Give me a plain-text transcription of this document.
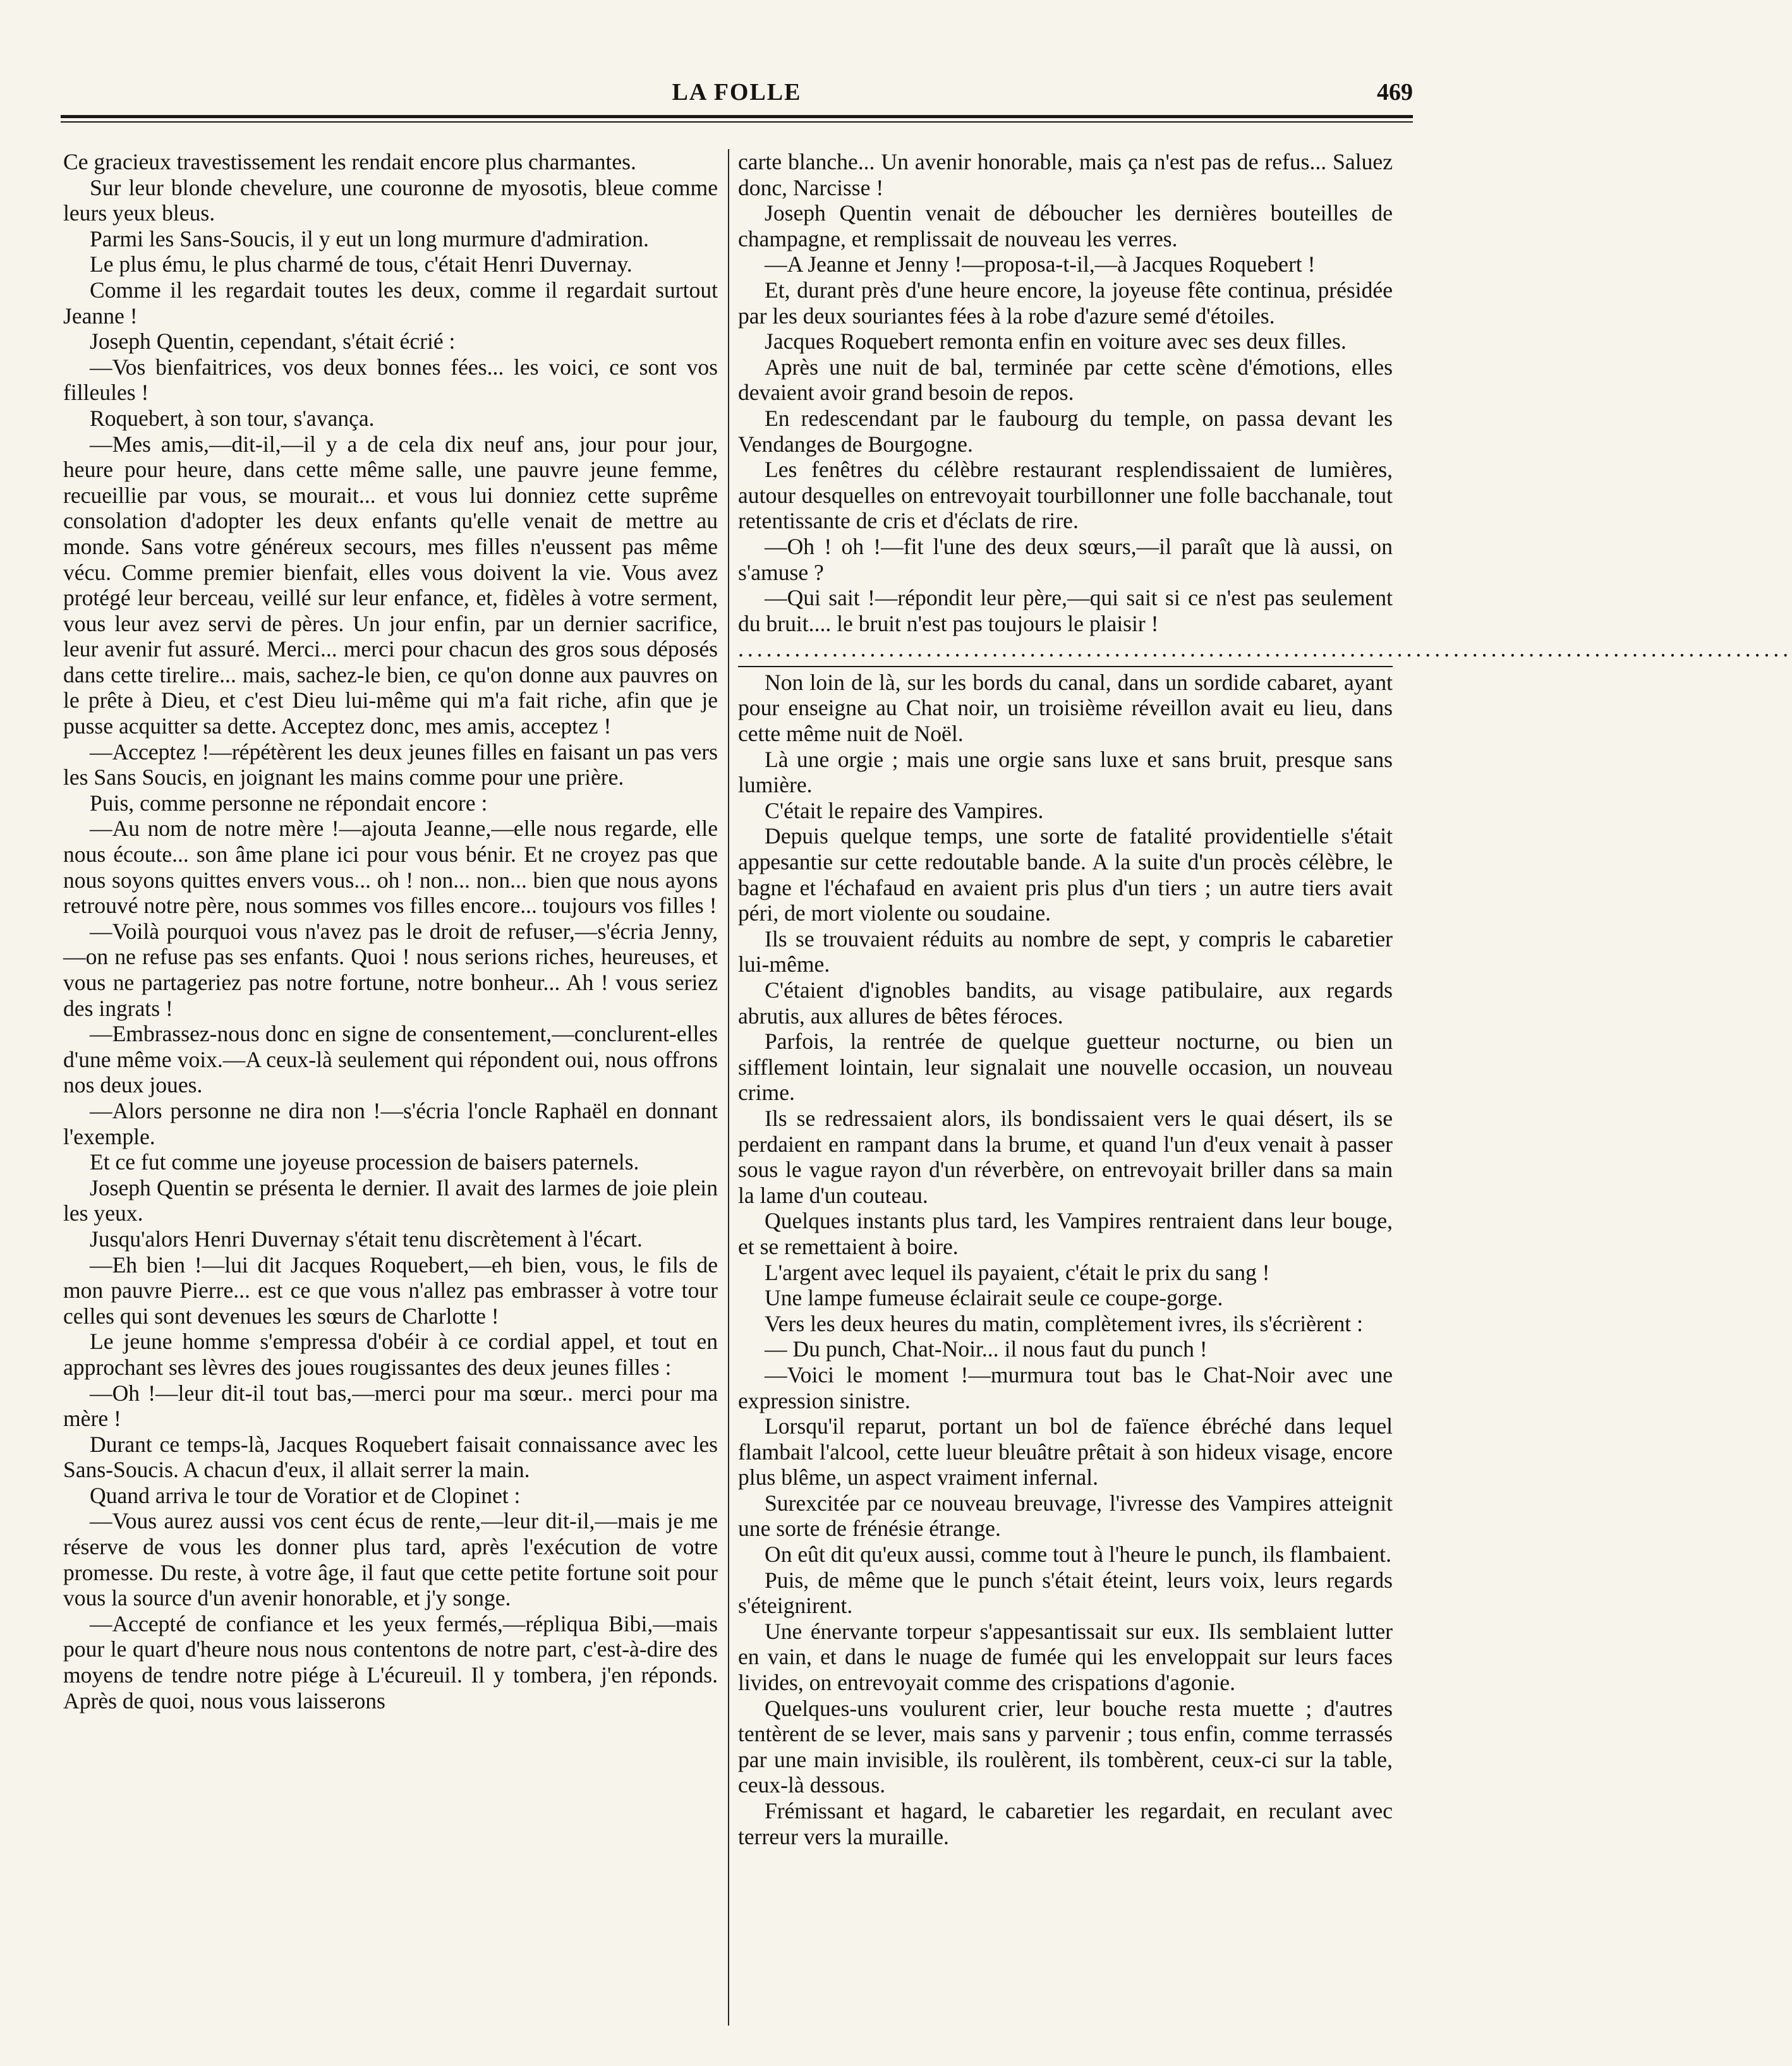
LA FOLLE	469

Ce gracieux travestissement les rendait encore plus charmantes.

Sur leur blonde chevelure, une couronne de myosotis, bleue comme leurs yeux bleus.

Parmi les Sans-Soucis, il y eut un long murmure d'admiration.

Le plus ému, le plus charmé de tous, c'était Henri Duvernay.

Comme il les regardait toutes les deux, comme il regardait surtout Jeanne !

Joseph Quentin, cependant, s'était écrié :

—Vos bienfaitrices, vos deux bonnes fées... les voici, ce sont vos filleules !

Roquebert, à son tour, s'avança.

—Mes amis,—dit-il,—il y a de cela dix neuf ans, jour pour jour, heure pour heure, dans cette même salle, une pauvre jeune femme, recueillie par vous, se mourait... et vous lui donniez cette suprême consolation d'adopter les deux enfants qu'elle venait de mettre au monde. Sans votre généreux secours, mes filles n'eussent pas même vécu. Comme premier bienfait, elles vous doivent la vie. Vous avez protégé leur berceau, veillé sur leur enfance, et, fidèles à votre serment, vous leur avez servi de pères. Un jour enfin, par un dernier sacrifice, leur avenir fut assuré. Merci... merci pour chacun des gros sous déposés dans cette tirelire... mais, sachez-le bien, ce qu'on donne aux pauvres on le prête à Dieu, et c'est Dieu lui-même qui m'a fait riche, afin que je pusse acquitter sa dette. Acceptez donc, mes amis, acceptez !

—Acceptez !—répétèrent les deux jeunes filles en faisant un pas vers les Sans Soucis, en joignant les mains comme pour une prière.

Puis, comme personne ne répondait encore :

—Au nom de notre mère !—ajouta Jeanne,—elle nous regarde, elle nous écoute... son âme plane ici pour vous bénir. Et ne croyez pas que nous soyons quittes envers vous... oh ! non... non... bien que nous ayons retrouvé notre père, nous sommes vos filles encore... toujours vos filles !

—Voilà pourquoi vous n'avez pas le droit de refuser,—s'écria Jenny,—on ne refuse pas ses enfants. Quoi ! nous serions riches, heureuses, et vous ne partageriez pas notre fortune, notre bonheur... Ah ! vous seriez des ingrats !

—Embrassez-nous donc en signe de consentement,—conclurent-elles d'une même voix.—A ceux-là seulement qui répondent oui, nous offrons nos deux joues.

—Alors personne ne dira non !—s'écria l'oncle Raphaël en donnant l'exemple.

Et ce fut comme une joyeuse procession de baisers paternels.

Joseph Quentin se présenta le dernier. Il avait des larmes de joie plein les yeux.

Jusqu'alors Henri Duvernay s'était tenu discrètement à l'écart.

—Eh bien !—lui dit Jacques Roquebert,—eh bien, vous, le fils de mon pauvre Pierre... est ce que vous n'allez pas embrasser à votre tour celles qui sont devenues les sœurs de Charlotte !

Le jeune homme s'empressa d'obéir à ce cordial appel, et tout en approchant ses lèvres des joues rougissantes des deux jeunes filles :

—Oh !—leur dit-il tout bas,—merci pour ma sœur.. merci pour ma mère !

Durant ce temps-là, Jacques Roquebert faisait connaissance avec les Sans-Soucis. A chacun d'eux, il allait serrer la main.

Quand arriva le tour de Voratior et de Clopinet :

—Vous aurez aussi vos cent écus de rente,—leur dit-il,—mais je me réserve de vous les donner plus tard, après l'exécution de votre promesse. Du reste, à votre âge, il faut que cette petite fortune soit pour vous la source d'un avenir honorable, et j'y songe.

—Accepté de confiance et les yeux fermés,—répliqua Bibi,—mais pour le quart d'heure nous nous contentons de notre part, c'est-à-dire des moyens de tendre notre piége à L'écureuil. Il y tombera, j'en réponds. Après de quoi, nous vous laisserons

carte blanche... Un avenir honorable, mais ça n'est pas de refus... Saluez donc, Narcisse !

Joseph Quentin venait de déboucher les dernières bouteilles de champagne, et remplissait de nouveau les verres.

—A Jeanne et Jenny !—proposa-t-il,—à Jacques Roquebert !

Et, durant près d'une heure encore, la joyeuse fête continua, présidée par les deux souriantes fées à la robe d'azure semé d'étoiles.

Jacques Roquebert remonta enfin en voiture avec ses deux filles.

Après une nuit de bal, terminée par cette scène d'émotions, elles devaient avoir grand besoin de repos.

En redescendant par le faubourg du temple, on passa devant les Vendanges de Bourgogne.

Les fenêtres du célèbre restaurant resplendissaient de lumières, autour desquelles on entrevoyait tourbillonner une folle bacchanale, tout retentissante de cris et d'éclats de rire.

—Oh ! oh !—fit l'une des deux sœurs,—il paraît que là aussi, on s'amuse ?

—Qui sait !—répondit leur père,—qui sait si ce n'est pas seulement du bruit.... le bruit n'est pas toujours le plaisir !

................................................................................................................

Non loin de là, sur les bords du canal, dans un sordide cabaret, ayant pour enseigne au Chat noir, un troisième réveillon avait eu lieu, dans cette même nuit de Noël.

Là une orgie ; mais une orgie sans luxe et sans bruit, presque sans lumière.

C'était le repaire des Vampires.

Depuis quelque temps, une sorte de fatalité providentielle s'était appesantie sur cette redoutable bande. A la suite d'un procès célèbre, le bagne et l'échafaud en avaient pris plus d'un tiers ; un autre tiers avait péri, de mort violente ou soudaine.

Ils se trouvaient réduits au nombre de sept, y compris le cabaretier lui-même.

C'étaient d'ignobles bandits, au visage patibulaire, aux regards abrutis, aux allures de bêtes féroces.

Parfois, la rentrée de quelque guetteur nocturne, ou bien un sifflement lointain, leur signalait une nouvelle occasion, un nouveau crime.

Ils se redressaient alors, ils bondissaient vers le quai désert, ils se perdaient en rampant dans la brume, et quand l'un d'eux venait à passer sous le vague rayon d'un réverbère, on entrevoyait briller dans sa main la lame d'un couteau.

Quelques instants plus tard, les Vampires rentraient dans leur bouge, et se remettaient à boire.

L'argent avec lequel ils payaient, c'était le prix du sang !

Une lampe fumeuse éclairait seule ce coupe-gorge.

Vers les deux heures du matin, complètement ivres, ils s'écrièrent :

— Du punch, Chat-Noir... il nous faut du punch !

—Voici le moment !—murmura tout bas le Chat-Noir avec une expression sinistre.

Lorsqu'il reparut, portant un bol de faïence ébréché dans lequel flambait l'alcool, cette lueur bleuâtre prêtait à son hideux visage, encore plus blême, un aspect vraiment infernal.

Surexcitée par ce nouveau breuvage, l'ivresse des Vampires atteignit une sorte de frénésie étrange.

On eût dit qu'eux aussi, comme tout à l'heure le punch, ils flambaient.

Puis, de même que le punch s'était éteint, leurs voix, leurs regards s'éteignirent.

Une énervante torpeur s'appesantissait sur eux. Ils semblaient lutter en vain, et dans le nuage de fumée qui les enveloppait sur leurs faces livides, on entrevoyait comme des crispations d'agonie.

Quelques-uns voulurent crier, leur bouche resta muette ; d'autres tentèrent de se lever, mais sans y parvenir ; tous enfin, comme terrassés par une main invisible, ils roulèrent, ils tombèrent, ceux-ci sur la table, ceux-là dessous.

Frémissant et hagard, le cabaretier les regardait, en reculant avec terreur vers la muraille.
